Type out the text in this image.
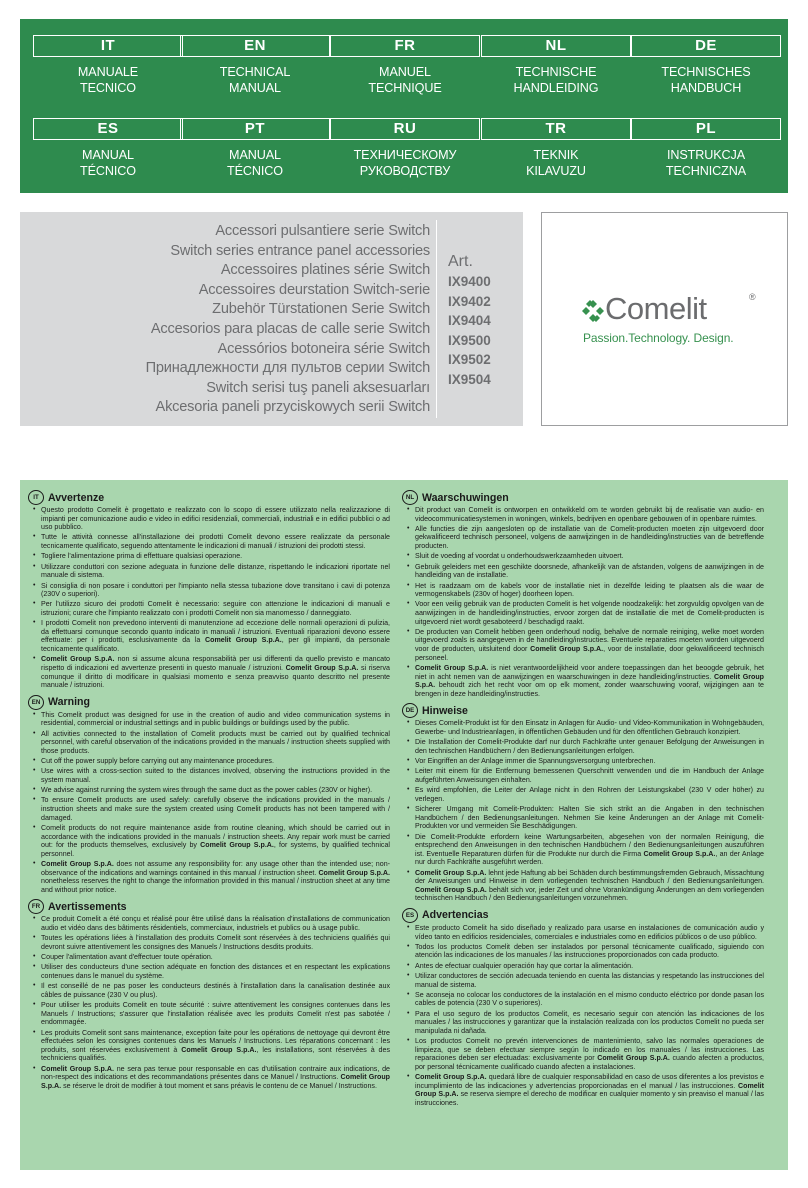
IT
MANUALE
TECNICO
EN
TECHNICAL
MANUAL
FR
MANUEL
TECHNIQUE
NL
TECHNISCHE
HANDLEIDING
DE
TECHNISCHES
HANDBUCH
ES
MANUAL
TÉCNICO
PT
MANUAL
TÉCNICO
RU
ТЕХНИЧЕСКОМУ
РУКОВОДСТВУ
TR
TEKNIK
KILAVUZU
PL
INSTRUKCJA
TECHNICZNA
Accessori pulsantiere serie Switch
Switch series entrance panel accessories
Accessoires platines série Switch
Accessoires deurstation Switch-serie
Zubehör Türstationen Serie Switch
Accesorios para placas de calle serie Switch
Acessórios botoneira série Switch
Принадлежности для пультов серии Switch
Switch serisi tuş paneli aksesuarları
Akcesoria paneli przyciskowych serii Switch
Art.
IX9400
IX9402
IX9404
IX9500
IX9502
IX9504
Comelit	®
Passion.Technology. Design.
IT Avvertenze
• Questo prodotto Comelit è progettato e realizzato con lo scopo di essere utilizzato nella realizzazione di impianti per comunicazione audio e video in edifici residenziali, commerciali, industriali e in edifici pubblici o ad uso pubblico.
• Tutte le attività connesse all'installazione dei prodotti Comelit devono essere realizzate da personale tecnicamente qualificato, seguendo attentamente le indicazioni di manuali / istruzioni dei prodotti stessi.
• Togliere l'alimentazione prima di effettuare qualsiasi operazione.
• Utilizzare conduttori con sezione adeguata in funzione delle distanze, rispettando le indicazioni riportate nel manuale di sistema.
• Si consiglia di non posare i conduttori per l'impianto nella stessa tubazione dove transitano i cavi di potenza (230V o superiori).
• Per l'utilizzo sicuro dei prodotti Comelit è necessario: seguire con attenzione le indicazioni di manuali e istruzioni; curare che l'impianto realizzato con i prodotti Comelit non sia manomesso / danneggiato.
• I prodotti Comelit non prevedono interventi di manutenzione ad eccezione delle normali operazioni di pulizia, da effettuarsi comunque secondo quanto indicato in manuali / istruzioni. Eventuali riparazioni devono essere effettuate: per i prodotti, esclusivamente da la Comelit Group S.p.A., per gli impianti, da personale tecnicamente qualificato.
• Comelit Group S.p.A. non si assume alcuna responsabilità per usi differenti da quello previsto e mancato rispetto di indicazioni ed avvertenze presenti in questo manuale / istruzioni. Comelit Group S.p.A. si riserva comunque il diritto di modificare in qualsiasi momento e senza preavviso quanto descritto nel presente manuale / istruzioni.
EN Warning
• This Comelit product was designed for use in the creation of audio and video communication systems in residential, commercial or industrial settings and in public buildings or buildings used by the public.
• All activities connected to the installation of Comelit products must be carried out by qualified technical personnel, with careful observation of the indications provided in the manuals / instruction sheets supplied with those products.
• Cut off the power supply before carrying out any maintenance procedures.
• Use wires with a cross-section suited to the distances involved, observing the instructions provided in the system manual.
• We advise against running the system wires through the same duct as the power cables (230V or higher).
• To ensure Comelit products are used safely: carefully observe the indications provided in the manuals / instruction sheets and make sure the system created using Comelit products has not been tampered with / damaged.
• Comelit products do not require maintenance aside from routine cleaning, which should be carried out in accordance with the indications provided in the manuals / instruction sheets. Any repair work must be carried out: for the products themselves, exclusively by Comelit Group S.p.A., for systems, by qualified technical personnel.
• Comelit Group S.p.A. does not assume any responsibility for: any usage other than the intended use; non-observance of the indications and warnings contained in this manual / instruction sheet. Comelit Group S.p.A. nonetheless reserves the right to change the information provided in this manual / instruction sheet at any time and without prior notice.
FR Avertissements
• Ce produit Comelit a été conçu et réalisé pour être utilisé dans la réalisation d'installations de communication audio et vidéo dans des bâtiments résidentiels, commerciaux, industriels et publics ou à usage public.
• Toutes les opérations liées à l'installation des produits Comelit sont réservées à des techniciens qualifiés qui devront suivre attentivement les consignes des Manuels / Instructions desdits produits.
• Couper l'alimentation avant d'effectuer toute opération.
• Utiliser des conducteurs d'une section adéquate en fonction des distances et en respectant les explications contenues dans le manuel du système.
• Il est conseillé de ne pas poser les conducteurs destinés à l'installation dans la canalisation destinée aux câbles de puissance (230 V ou plus).
• Pour utiliser les produits Comelit en toute sécurité : suivre attentivement les consignes contenues dans les Manuels / Instructions; s'assurer que l'installation réalisée avec les produits Comelit n'est pas sabotée / endommagée.
• Les produits Comelit sont sans maintenance, exception faite pour les opérations de nettoyage qui devront être effectuées selon les consignes contenues dans les Manuels / Instructions. Les réparations concernant : les produits, sont réservées exclusivement à Comelit Group S.p.A., les installations, sont réservées à des techniciens qualifiés.
• Comelit Group S.p.A. ne sera pas tenue pour responsable en cas d'utilisation contraire aux indications, de non-respect des indications et des recommandations présentes dans ce Manuel / Instructions. Comelit Group S.p.A. se réserve le droit de modifier à tout moment et sans préavis le contenu de ce Manuel / Instructions.
NL Waarschuwingen
• Dit product van Comelit is ontworpen en ontwikkeld om te worden gebruikt bij de realisatie van audio- en videocommunicatiesystemen in woningen, winkels, bedrijven en openbare gebouwen of in openbare ruimtes.
• Alle functies die zijn aangesloten op de installatie van de Comelit-producten moeten zijn uitgevoerd door gekwalificeerd technisch personeel, volgens de aanwijzingen in de handleiding/instructies van de betreffende producten.
• Sluit de voeding af voordat u onderhoudswerkzaamheden uitvoert.
• Gebruik geleiders met een geschikte doorsnede, afhankelijk van de afstanden, volgens de aanwijzingen in de handleiding van de installatie.
• Het is raadzaam om de kabels voor de installatie niet in dezelfde leiding te plaatsen als die waar de vermogenskabels (230v of hoger) doorheen lopen.
• Voor een veilig gebruik van de producten Comelit is het volgende noodzakelijk: het zorgvuldig opvolgen van de aanwijzingen in de handleiding/instructies, ervoor zorgen dat de installatie die met de Comelit-producten is uitgevoerd niet wordt gesaboteerd / beschadigd raakt.
• De producten van Comelit hebben geen onderhoud nodig, behalve de normale reiniging, welke moet worden uitgevoerd zoals is aangegeven in de handleiding/instructies. Eventuele reparaties moeten worden uitgevoerd voor de producten, uitsluitend door Comelit Group S.p.A., voor de installatie, door gekwalificeerd technisch personeel.
• Comelit Group S.p.A. is niet verantwoordelijkheid voor andere toepassingen dan het beoogde gebruik, het niet in acht nemen van de aanwijzingen en waarschuwingen in deze handleiding/instructies. Comelit Group S.p.A. behoudt zich het recht voor om op elk moment, zonder waarschuwing vooraf, wijzigingen aan te brengen in deze handleiding/instructies.
DE Hinweise
• Dieses Comelit-Produkt ist für den Einsatz in Anlagen für Audio- und Video-Kommunikation in Wohngebäuden, Gewerbe- und Industrieanlagen, in öffentlichen Gebäuden und für den öffentlichen Gebrauch konzipiert.
• Die Installation der Comelit-Produkte darf nur durch Fachkräfte unter genauer Befolgung der Anweisungen in den technischen Handbüchern / den Bedienungsanleitungen erfolgen.
• Vor Eingriffen an der Anlage immer die Spannungsversorgung unterbrechen.
• Leiter mit einem für die Entfernung bemessenen Querschnitt verwenden und die im Handbuch der Anlage aufgeführten Anweisungen einhalten.
• Es wird empfohlen, die Leiter der Anlage nicht in den Rohren der Leistungskabel (230 V oder höher) zu verlegen.
• Sicherer Umgang mit Comelit-Produkten: Halten Sie sich strikt an die Angaben in den technischen Handbüchern / den Bedienungsanleitungen. Nehmen Sie keine Änderungen an der Anlage mit Comelit-Produkten vor und vermeiden Sie Beschädigungen.
• Die Comelit-Produkte erfordern keine Wartungsarbeiten, abgesehen von der normalen Reinigung, die entsprechend den Anweisungen in den technischen Handbüchern / den Bedienungsanleitungen auszuführen ist. Eventuelle Reparaturen dürfen für die Produkte nur durch die Firma Comelit Group S.p.A., an der Anlage nur durch Fachkräfte ausgeführt werden.
• Comelit Group S.p.A. lehnt jede Haftung ab bei Schäden durch bestimmungsfremden Gebrauch, Missachtung der Anweisungen und Hinweise in dem vorliegenden technischen Handbuch / den Bedienungsanleitungen. Comelit Group S.p.A. behält sich vor, jeder Zeit und ohne Vorankündigung Änderungen an dem vorliegenden technischen Handbuch / den Bedienungsanleitungen vorzunehmen.
ES Advertencias
• Este producto Comelit ha sido diseñado y realizado para usarse en instalaciones de comunicación audio y vídeo tanto en edificios residenciales, comerciales e industriales como en edificios públicos o de uso público.
• Todos los productos Comelit deben ser instalados por personal técnicamente cualificado, siguiendo con atención las indicaciones de los manuales / las instrucciones proporcionados con cada producto.
• Antes de efectuar cualquier operación hay que cortar la alimentación.
• Utilizar conductores de sección adecuada teniendo en cuenta las distancias y respetando las instrucciones del manual de sistema.
• Se aconseja no colocar los conductores de la instalación en el mismo conducto eléctrico por donde pasan los cables de potencia (230 V o superiores).
• Para el uso seguro de los productos Comelit, es necesario seguir con atención las indicaciones de los manuales / las instrucciones y garantizar que la instalación realizada con los productos Comelit no pueda ser manipulada ni dañada.
• Los productos Comelit no prevén intervenciones de mantenimiento, salvo las normales operaciones de limpieza, que se deben efectuar siempre según lo indicado en los manuales / las instrucciones. Las reparaciones deben ser efectuadas: exclusivamente por Comelit Group S.p.A. cuando afecten a productos, por personal técnicamente cualificado cuando afecten a instalaciones.
• Comelit Group S.p.A. quedará libre de cualquier responsabilidad en caso de usos diferentes a los previstos e incumplimiento de las indicaciones y advertencias proporcionadas en el manual / las instrucciones. Comelit Group S.p.A. se reserva siempre el derecho de modificar en cualquier momento y sin preaviso el manual / las instrucciones.
